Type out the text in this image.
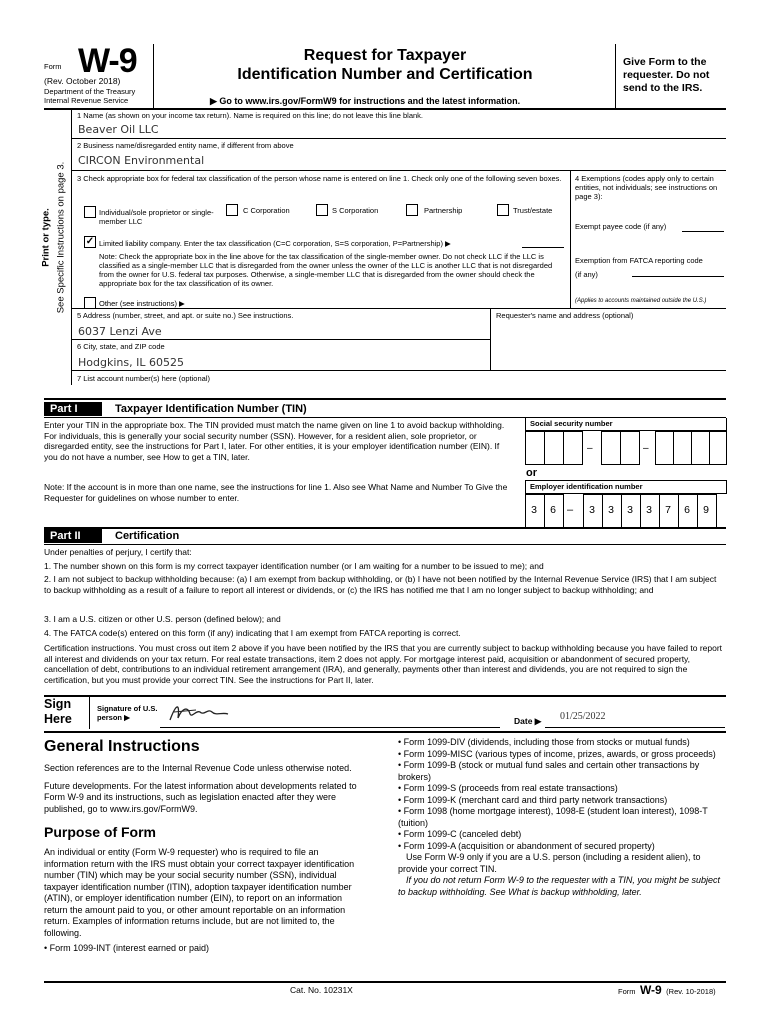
Form W-9
(Rev. October 2018)
Department of the Treasury
Internal Revenue Service
Request for Taxpayer
Identification Number and Certification
▶ Go to www.irs.gov/FormW9 for instructions and the latest information.
Give Form to the requester. Do not send to the IRS.
Print or type. See Specific Instructions on page 3.
1 Name (as shown on your income tax return). Name is required on this line; do not leave this line blank.
Beaver Oil LLC
2 Business name/disregarded entity name, if different from above
CIRCON Environmental
3 Check appropriate box for federal tax classification of the person whose name is entered on line 1. Check only one of the following seven boxes.
Individual/sole proprietor or single-member LLC
C Corporation	S Corporation	Partnership	Trust/estate
✓ Limited liability company. Enter the tax classification (C=C corporation, S=S corporation, P=Partnership) ▶
Note: Check the appropriate box in the line above for the tax classification of the single-member owner. Do not check LLC if the LLC is classified as a single-member LLC that is disregarded from the owner unless the owner of the LLC is another LLC that is not disregarded from the owner for U.S. federal tax purposes. Otherwise, a single-member LLC that is disregarded from the owner should check the appropriate box for the tax classification of its owner.
Other (see instructions) ▶
4 Exemptions (codes apply only to certain entities, not individuals; see instructions on page 3):
Exempt payee code (if any)
Exemption from FATCA reporting code (if any)
(Applies to accounts maintained outside the U.S.)
5 Address (number, street, and apt. or suite no.) See instructions.
6037 Lenzi Ave
Requester's name and address (optional)
6 City, state, and ZIP code
Hodgkins, IL 60525
7 List account number(s) here (optional)
Part I	Taxpayer Identification Number (TIN)
Enter your TIN in the appropriate box. The TIN provided must match the name given on line 1 to avoid backup withholding. For individuals, this is generally your social security number (SSN). However, for a resident alien, sole proprietor, or disregarded entity, see the instructions for Part I, later. For other entities, it is your employer identification number (EIN). If you do not have a number, see How to get a TIN, later.
Note: If the account is in more than one name, see the instructions for line 1. Also see What Name and Number To Give the Requester for guidelines on whose number to enter.
Social security number
–	–
or
Employer identification number
–
3	6	3	3	3	3	7	6	9
Part II	Certification
Under penalties of perjury, I certify that:
1. The number shown on this form is my correct taxpayer identification number (or I am waiting for a number to be issued to me); and
2. I am not subject to backup withholding because: (a) I am exempt from backup withholding, or (b) I have not been notified by the Internal Revenue Service (IRS) that I am subject to backup withholding as a result of a failure to report all interest or dividends, or (c) the IRS has notified me that I am no longer subject to backup withholding; and
3. I am a U.S. citizen or other U.S. person (defined below); and
4. The FATCA code(s) entered on this form (if any) indicating that I am exempt from FATCA reporting is correct.
Certification instructions. You must cross out item 2 above if you have been notified by the IRS that you are currently subject to backup withholding because you have failed to report all interest and dividends on your tax return. For real estate transactions, item 2 does not apply. For mortgage interest paid, acquisition or abandonment of secured property, cancellation of debt, contributions to an individual retirement arrangement (IRA), and generally, payments other than interest and dividends, you are not required to sign the certification, but you must provide your correct TIN. See the instructions for Part II, later.
Sign Here
Signature of U.S. person ▶	Date ▶ 01/25/2022
General Instructions

Section references are to the Internal Revenue Code unless otherwise noted.

Future developments. For the latest information about developments related to Form W-9 and its instructions, such as legislation enacted after they were published, go to www.irs.gov/FormW9.

Purpose of Form

An individual or entity (Form W-9 requester) who is required to file an information return with the IRS must obtain your correct taxpayer identification number (TIN) which may be your social security number (SSN), individual taxpayer identification number (ITIN), adoption taxpayer identification number (ATIN), or employer identification number (EIN), to report on an information return the amount paid to you, or other amount reportable on an information return. Examples of information returns include, but are not limited to, the following.

• Form 1099-INT (interest earned or paid)

• Form 1099-DIV (dividends, including those from stocks or mutual funds)

• Form 1099-MISC (various types of income, prizes, awards, or gross proceeds)

• Form 1099-B (stock or mutual fund sales and certain other transactions by brokers)

• Form 1099-S (proceeds from real estate transactions)

• Form 1099-K (merchant card and third party network transactions)

• Form 1098 (home mortgage interest), 1098-E (student loan interest), 1098-T (tuition)

• Form 1099-C (canceled debt)

• Form 1099-A (acquisition or abandonment of secured property)

Use Form W-9 only if you are a U.S. person (including a resident alien), to provide your correct TIN.

If you do not return Form W-9 to the requester with a TIN, you might be subject to backup withholding. See What is backup withholding, later.

Cat. No. 10231X	Form W-9 (Rev. 10-2018)
